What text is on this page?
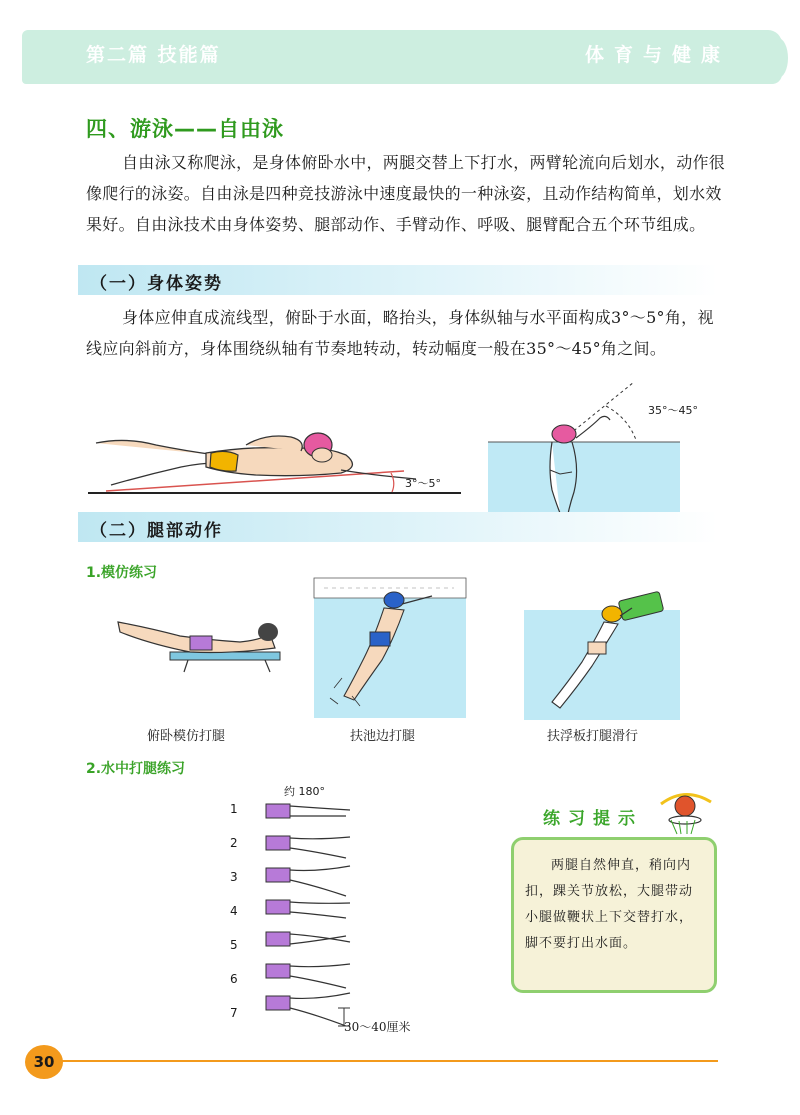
第二篇 技能篇	体育与健康
四、游泳——自由泳
自由泳又称爬泳，是身体俯卧水中，两腿交替上下打水，两臂轮流向后划水，动作很像爬行的泳姿。自由泳是四种竞技游泳中速度最快的一种泳姿，且动作结构简单，划水效果好。自由泳技术由身体姿势、腿部动作、手臂动作、呼吸、腿臂配合五个环节组成。
（一）身体姿势
身体应伸直成流线型，俯卧于水面，略抬头，身体纵轴与水平面构成3°～5°角，视线应向斜前方，身体围绕纵轴有节奏地转动，转动幅度一般在35°～45°角之间。
3°～5°
35°～45°
（二）腿部动作
1.模仿练习
俯卧模仿打腿	扶池边打腿	扶浮板打腿滑行
2.水中打腿练习
约 180°
1
2
3
4
5
6
7
30～40厘米
练习提示
两腿自然伸直，稍向内扣，踝关节放松，大腿带动小腿做鞭状上下交替打水，脚不要打出水面。
30
